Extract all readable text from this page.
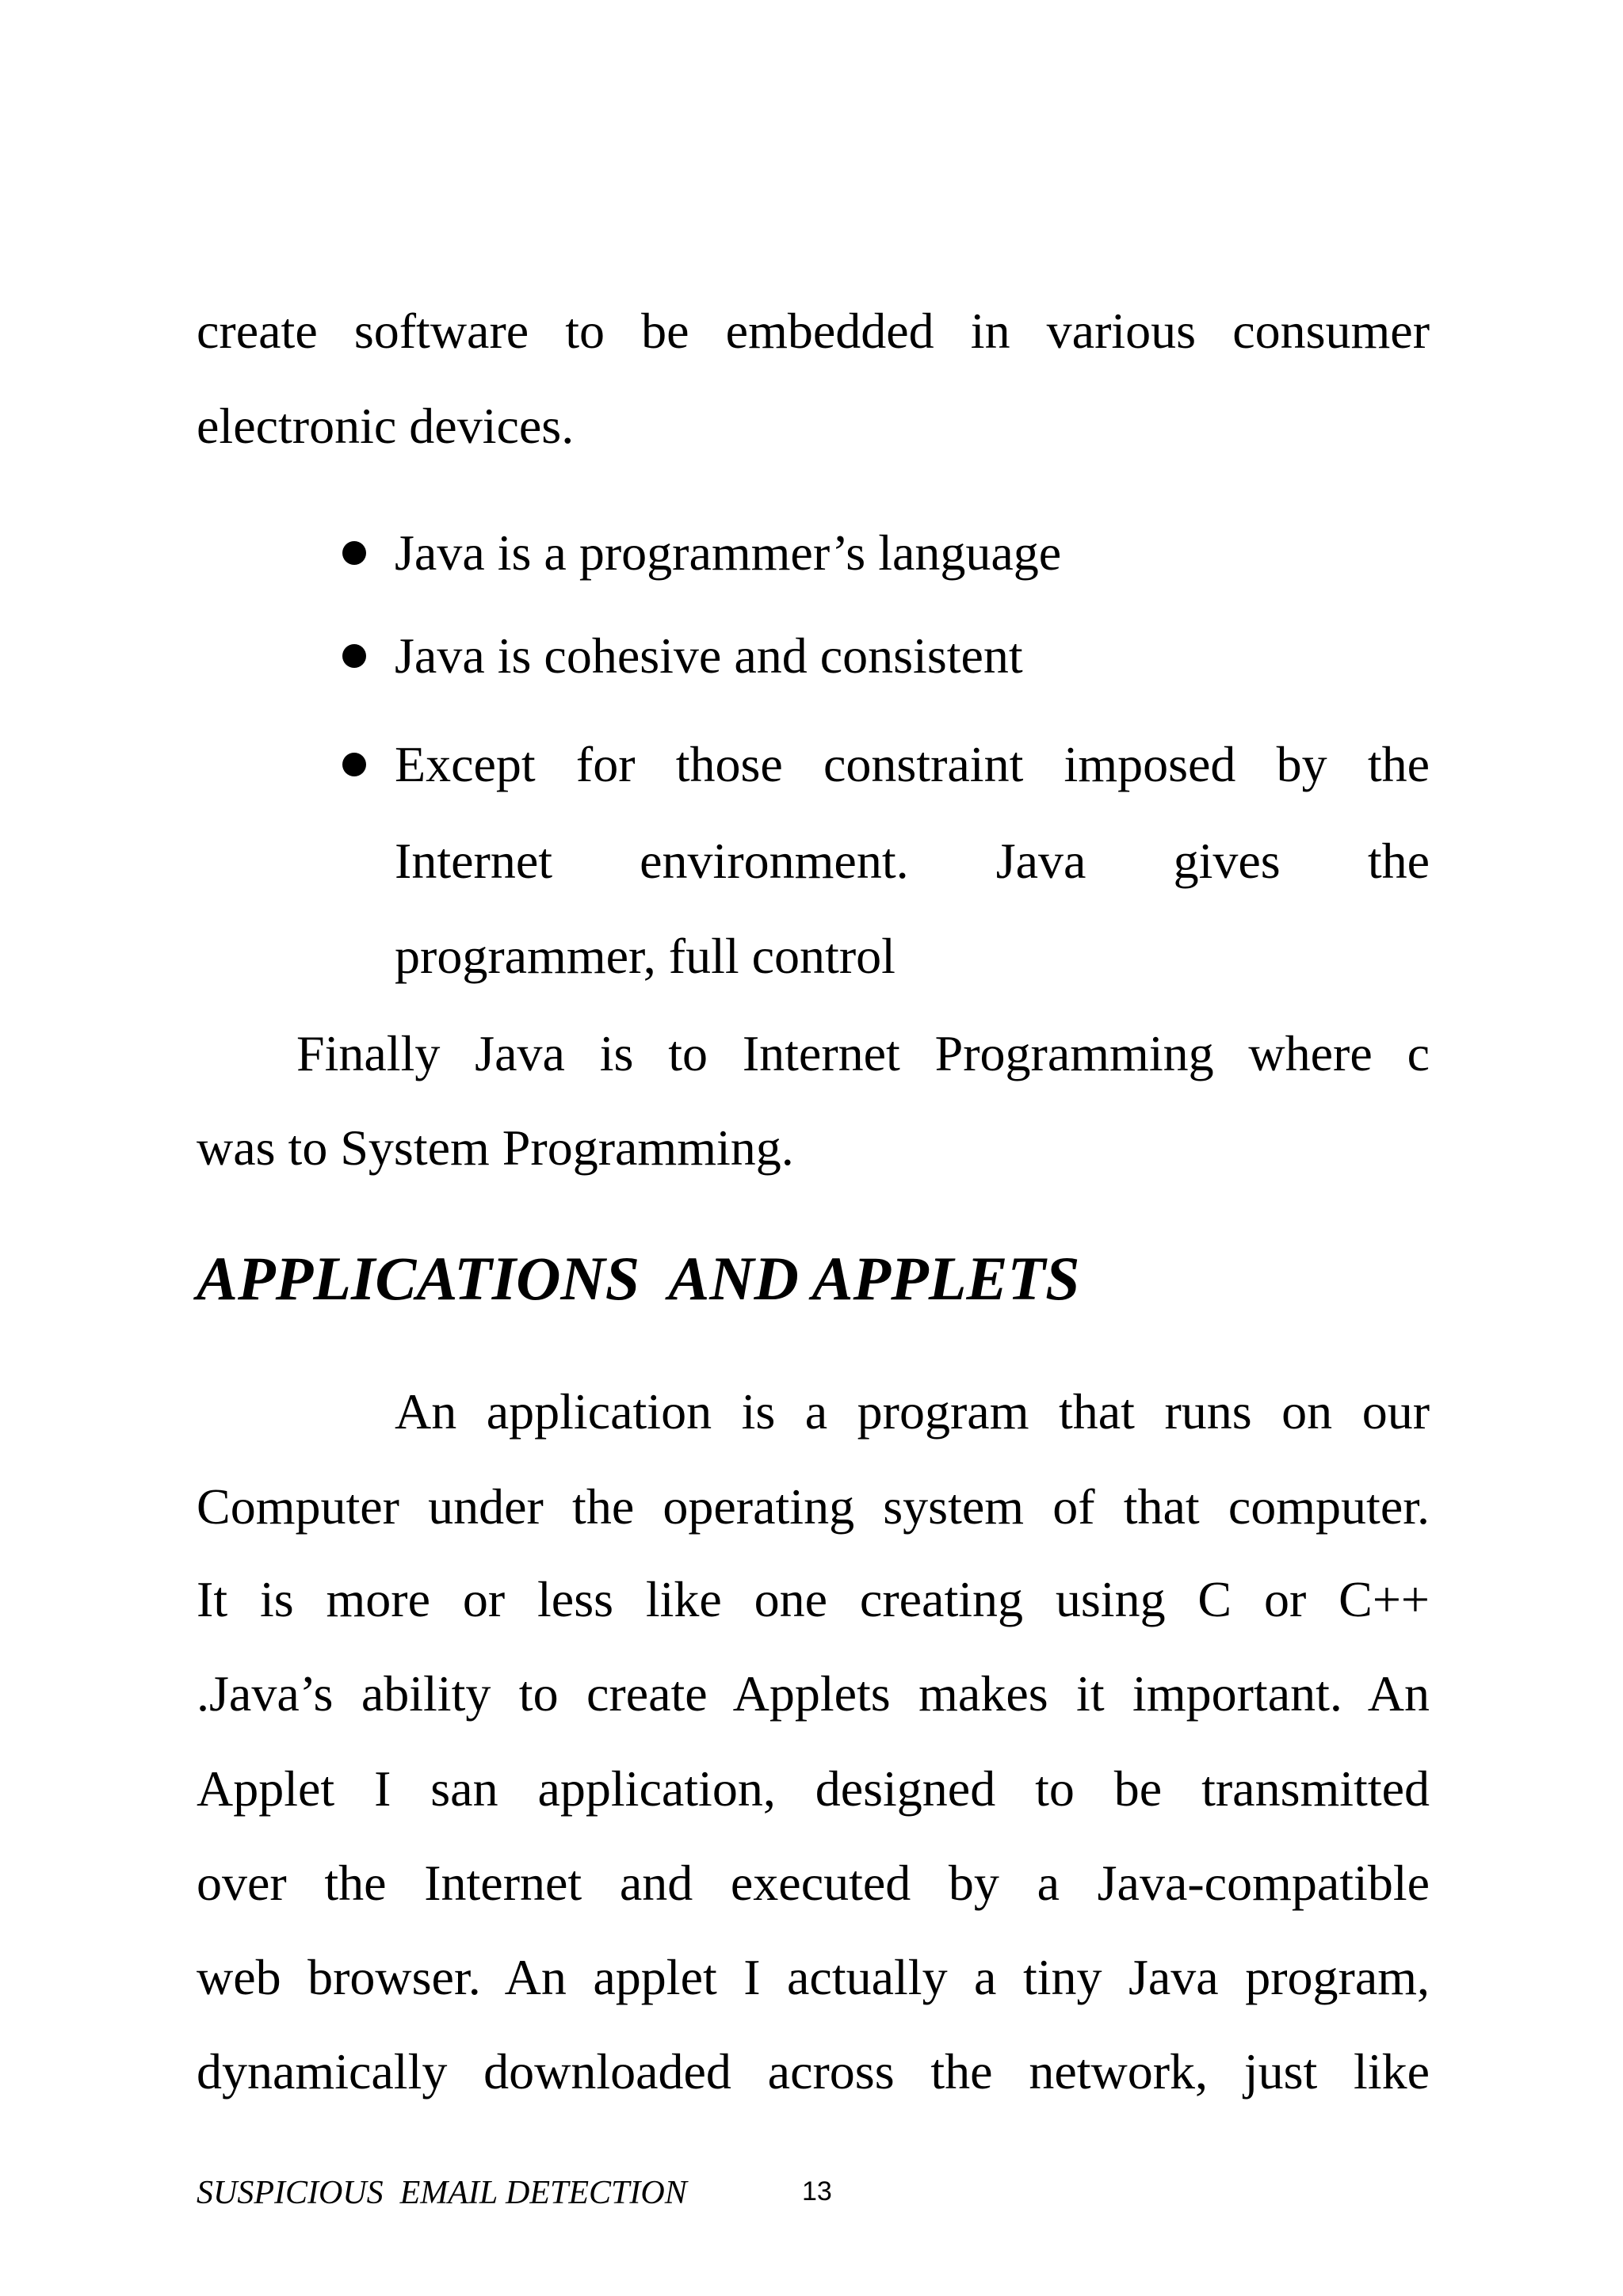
create software to be embedded in various consumer
electronic devices.
Java is a programmer’s language
Java is cohesive and consistent
Except for those constraint imposed by the
Internet environment. Java gives the
programmer, full control
Finally Java is to Internet Programming where c
was to System Programming.
APPLICATIONS  AND APPLETS
An application is a program that runs on our
Computer under the operating system of that computer.
It is more or less like one creating using C or C++
.Java’s ability to create Applets makes it important. An
Applet I san application, designed to be transmitted
over the Internet and executed by a Java-compatible
web browser. An applet I actually a tiny Java program,
dynamically downloaded across the network, just like
SUSPICIOUS  EMAIL DETECTION	13
